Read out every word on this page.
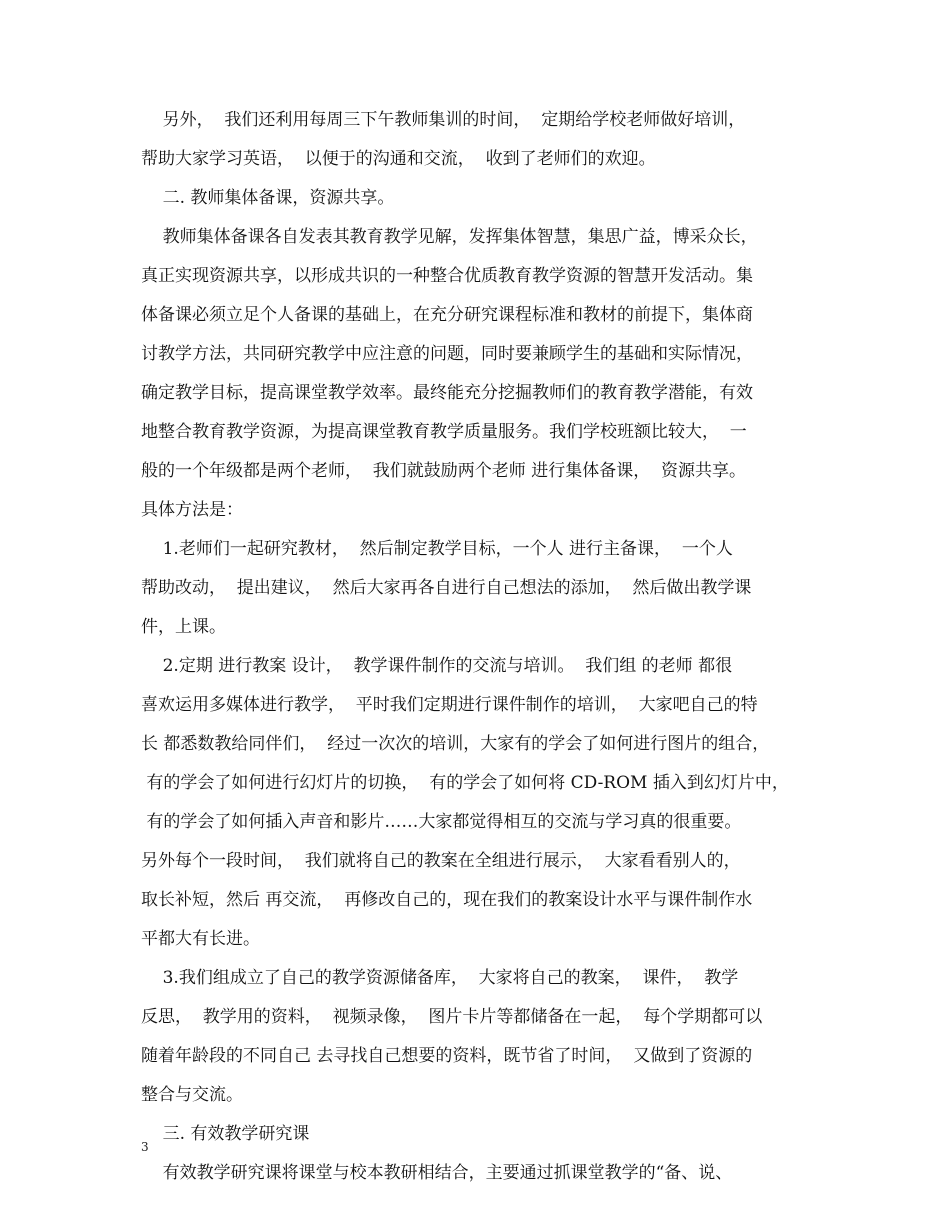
另外，  我们还利用每周三下午教师集训的时间，  定期给学校老师做好培训，
帮助大家学习英语，  以便于的沟通和交流，  收到了老师们的欢迎。
二. 教师集体备课，资源共享。
教师集体备课各自发表其教育教学见解，发挥集体智慧，集思广益，博采众长，
真正实现资源共享，以形成共识的一种整合优质教育教学资源的智慧开发活动。集
体备课必须立足个人备课的基础上，在充分研究课程标准和教材的前提下，集体商
讨教学方法，共同研究教学中应注意的问题，同时要兼顾学生的基础和实际情况，
确定教学目标，提高课堂教学效率。最终能充分挖掘教师们的教育教学潜能，有效
地整合教育教学资源，为提高课堂教育教学质量服务。我们学校班额比较大，  一
般的一个年级都是两个老师，  我们就鼓励两个老师 进行集体备课，  资源共享。
具体方法是：
1.老师们一起研究教材，  然后制定教学目标，一个人 进行主备课，  一个人
帮助改动，  提出建议，  然后大家再各自进行自己想法的添加，  然后做出教学课
件，上课。
2.定期 进行教案 设计，  教学课件制作的交流与培训。  我们组 的老师 都很
喜欢运用多媒体进行教学，  平时我们定期进行课件制作的培训，  大家吧自己的特
长 都悉数教给同伴们，  经过一次次的培训，大家有的学会了如何进行图片的组合，
有的学会了如何进行幻灯片的切换，  有的学会了如何将 CD-ROM 插入到幻灯片中，
有的学会了如何插入声音和影片……大家都觉得相互的交流与学习真的很重要。
另外每个一段时间，  我们就将自己的教案在全组进行展示，  大家看看别人的，
取长补短，然后 再交流，  再修改自己的，现在我们的教案设计水平与课件制作水
平都大有长进。
3.我们组成立了自己的教学资源储备库，  大家将自己的教案，  课件，  教学
反思，  教学用的资料，  视频录像，  图片卡片等都储备在一起，  每个学期都可以
随着年龄段的不同自己 去寻找自己想要的资料，既节省了时间，  又做到了资源的
整合与交流。
三. 有效教学研究课
有效教学研究课将课堂与校本教研相结合，主要通过抓课堂教学的“备、说、
3
